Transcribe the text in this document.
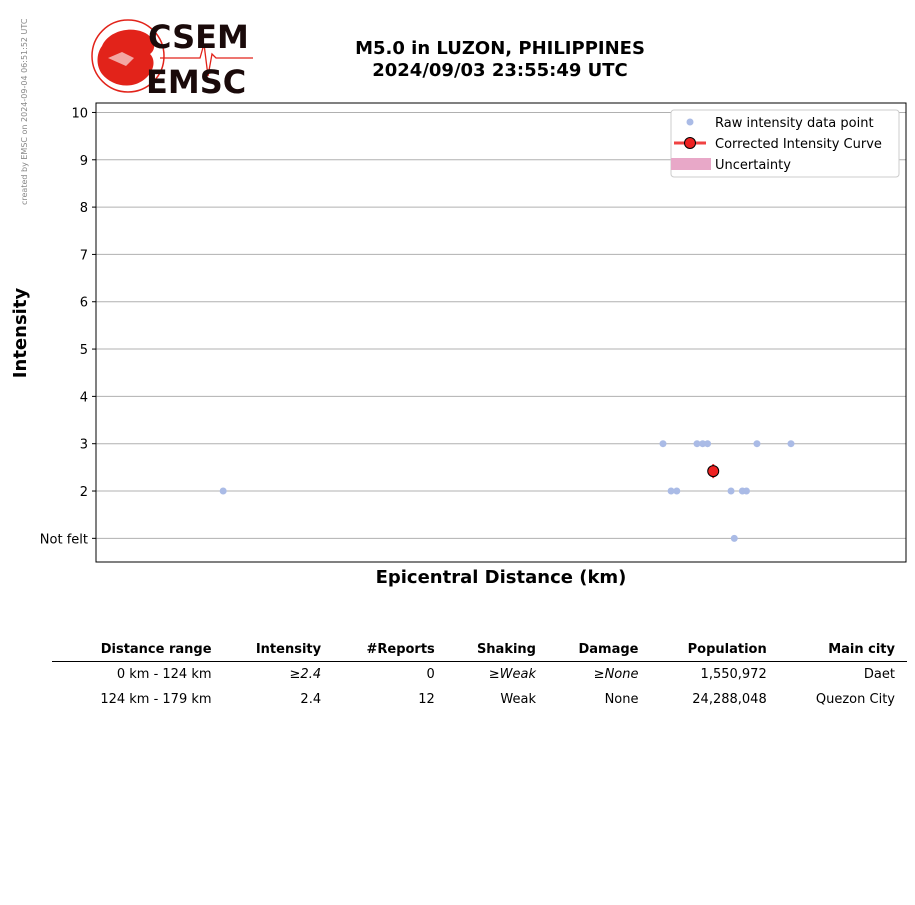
created by EMSC on 2024-09-04 06:51:52 UTC	CSEM
EMSC
M5.0 in LUZON, PHILIPPINES
2024/09/03 23:55:49 UTC
Not felt
2
3
4
5
6
7
8
9
10
Epicentral Distance (km)
Intensity
Raw intensity data point
Corrected Intensity Curve
Uncertainty
Distance range	Intensity	#Reports	Shaking	Damage	Population	Main city
0 km - 124 km	≥2.4	0	≥Weak	≥None	1,550,972	Daet
124 km - 179 km	2.4	12	Weak	None	24,288,048	Quezon City
